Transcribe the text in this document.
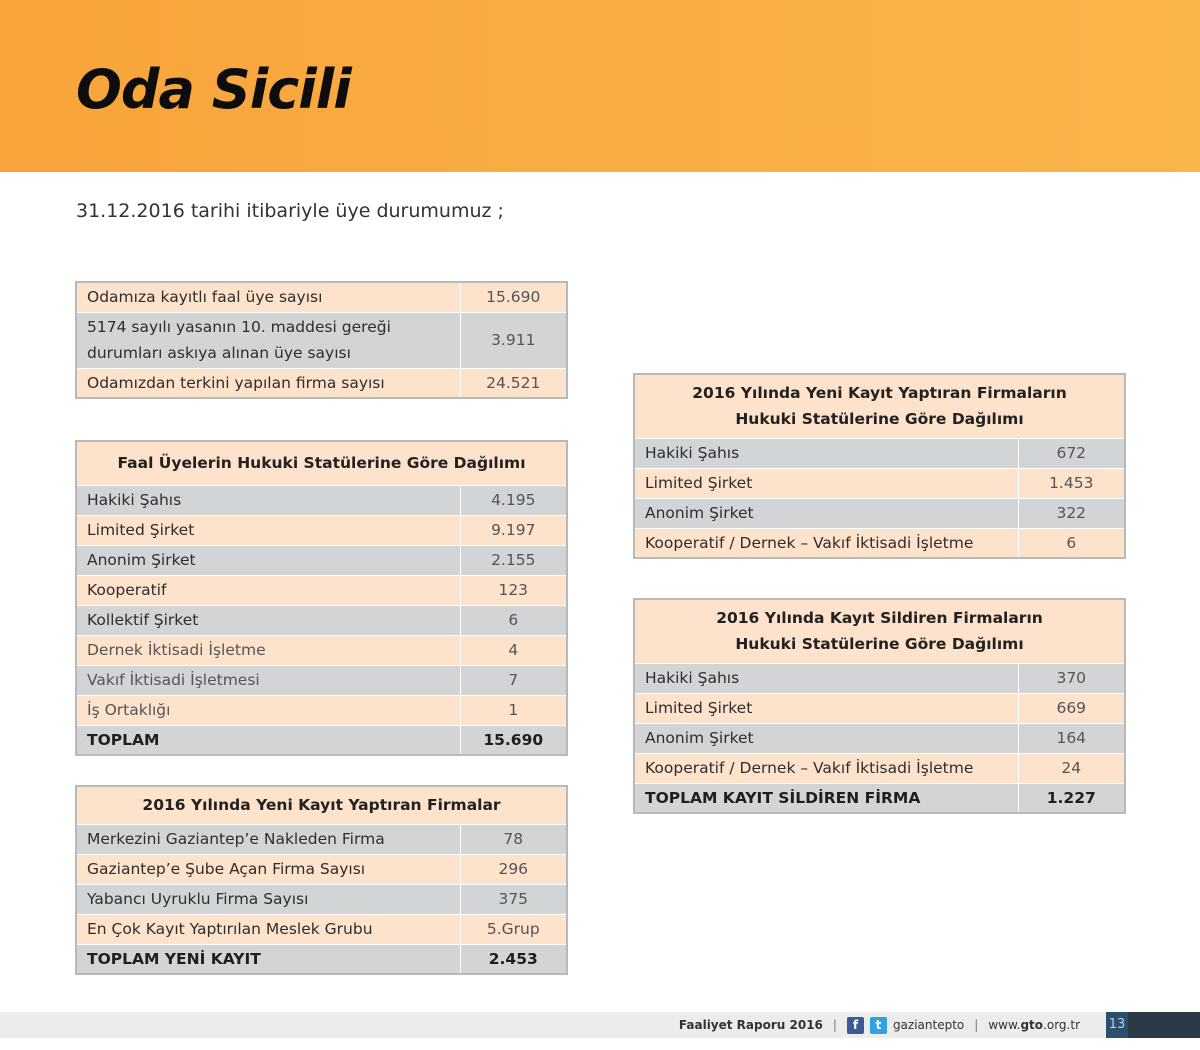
Oda Sicili
31.12.2016 tarihi itibariyle üye durumumuz ;
Odamıza kayıtlı faal üye sayısı	15.690
5174 sayılı yasanın 10. maddesi gereği durumları askıya alınan üye sayısı	3.911
Odamızdan terkini yapılan firma sayısı	24.521
Faal Üyelerin Hukuki Statülerine Göre Dağılımı	
Hakiki Şahıs	4.195
Limited Şirket	9.197
Anonim Şirket	2.155
Kooperatif	123
Kollektif Şirket	6
Dernek İktisadi İşletme	4
Vakıf İktisadi İşletmesi	7
İş Ortaklığı	1
TOPLAM	15.690
2016 Yılında Yeni Kayıt Yaptıran Firmalar	
Merkezini Gaziantep’e Nakleden Firma	78
Gaziantep’e Şube Açan Firma Sayısı	296
Yabancı Uyruklu Firma Sayısı	375
En Çok Kayıt Yaptırılan Meslek Grubu	5.Grup
TOPLAM YENİ KAYIT	2.453
2016 Yılında Yeni Kayıt Yaptıran Firmaların
Hukuki Statülerine Göre Dağılımı	

Hakiki Şahıs	672
Limited Şirket	1.453
Anonim Şirket	322
Kooperatif / Dernek – Vakıf İktisadi İşletme	6
2016 Yılında Kayıt Sildiren Firmaların
Hukuki Statülerine Göre Dağılımı	

Hakiki Şahıs	370
Limited Şirket	669
Anonim Şirket	164
Kooperatif / Dernek – Vakıf İktisadi İşletme	24
TOPLAM KAYIT SİLDİREN FİRMA	1.227
Faaliyet Raporu 2016 |	f	t gaziantepto | www.gto.org.tr 13
